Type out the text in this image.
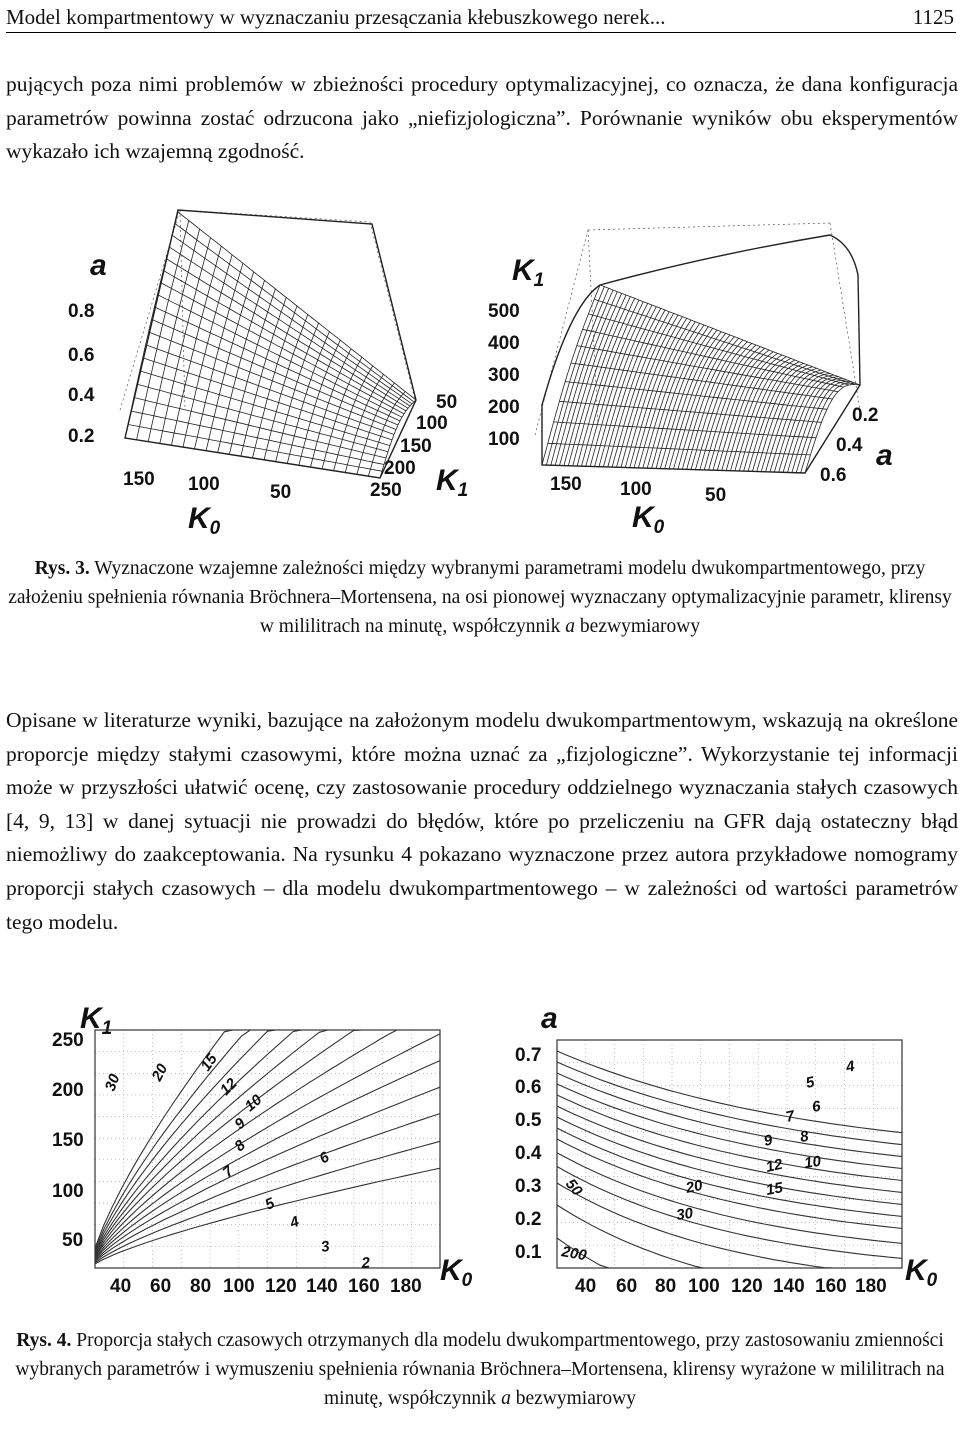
Model kompartmentowy w wyznaczaniu przesączania kłebuszkowego nerek...	1125

pujących poza nimi problemów w zbieżności procedury optymalizacyjnej, co oznacza, że dana konfiguracja parametrów powinna zostać odrzucona jako „niefizjologiczna”. Porównanie wyników obu eksperymentów wykazało ich wzajemną zgodność.

0.8
0.6
0.4
0.2
a
150 100	50
$K_0$
50
100
150
200
250 $K_1$
500
400
300
200
100
$K_1$
150 100	50
$K_0$
0.2
0.4
0.6
a

Rys. 3. Wyznaczone wzajemne zależności między wybranymi parametrami modelu dwukompartmentowego, przy założeniu spełnienia równania Bröchnera–Mortensena, na osi pionowej wyznaczany optymalizacyjnie parametr, klirensy w mililitrach na minutę, współczynnik a bezwymiarowy

Opisane w literaturze wyniki, bazujące na założonym modelu dwukompartmentowym, wskazują na określone proporcje między stałymi czasowymi, które można uznać za „fizjologiczne”. Wykorzystanie tej informacji może w przyszłości ułatwić ocenę, czy zastosowanie procedury oddzielnego wyznaczania stałych czasowych [4, 9, 13] w danej sytuacji nie prowadzi do błędów, które po przeliczeniu na GFR dają ostateczny błąd niemożliwy do zaakceptowania. Na rysunku 4 pokazano wyznaczone przez autora przykładowe nomogramy proporcji stałych czasowych – dla modelu dwukompartmentowego – w zależności od wartości parametrów tego modelu.

$K_1$
250
200
150
100
50
40 60 80 100 120 140 160 180 $K_0$
30 20 15
12
10
9
8
7
6
5
4
3
2
a
0.7
0.6
0.5
0.4
0.3
0.2
0.1
40 60 80 100 120 140 160 180 $K_0$
4
5
6
7
8
9
10
12
15
20
30
50
200

Rys. 4. Proporcja stałych czasowych otrzymanych dla modelu dwukompartmentowego, przy zastosowaniu zmienności wybranych parametrów i wymuszeniu spełnienia równania Bröchnera–Mortensena, klirensy wyrażone w mililitrach na minutę, współczynnik a bezwymiarowy
